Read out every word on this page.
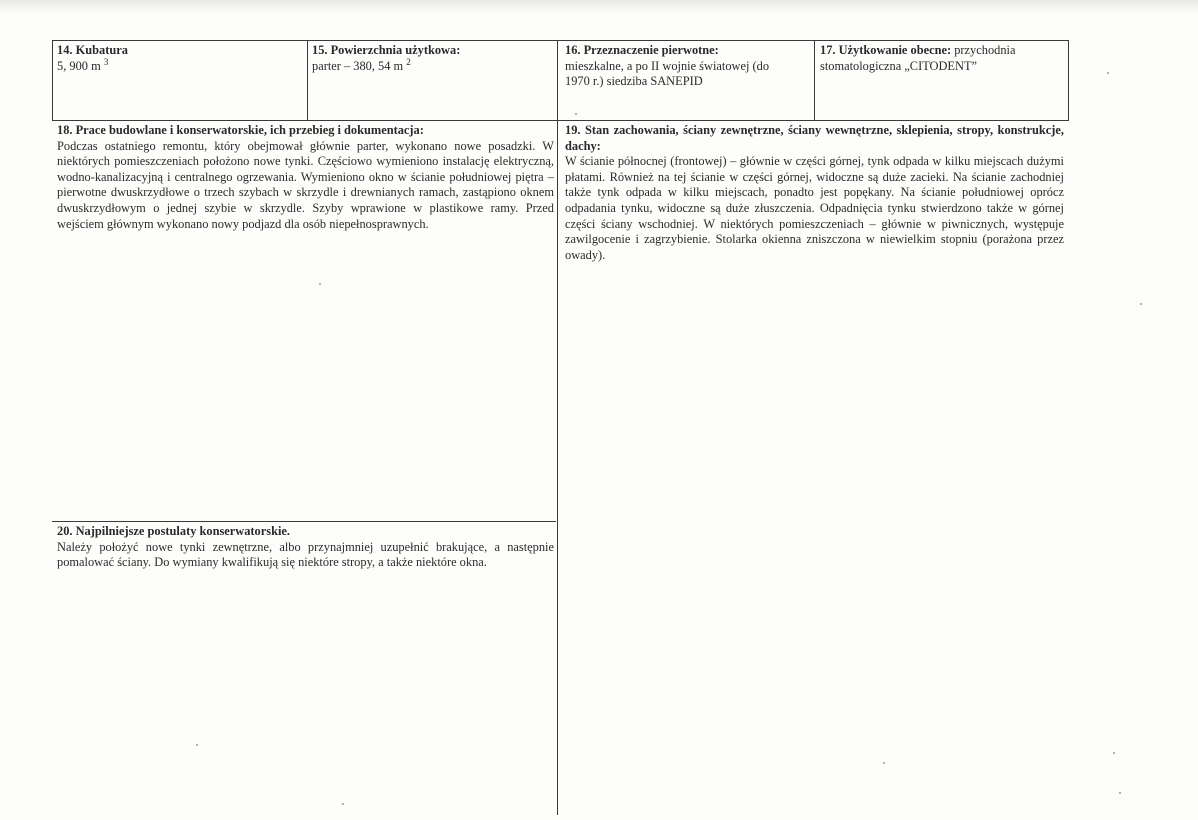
14. Kubatura
5, 900 m $^3$
15. Powierzchnia użytkowa:
parter – 380, 54 m $^2$
16. Przeznaczenie pierwotne:
mieszkalne, a po II wojnie światowej (do
1970 r.) siedziba SANEPID
17. Użytkowanie obecne: przychodnia
stomatologiczna „CITODENT”
18. Prace budowlane i konserwatorskie, ich przebieg i dokumentacja:
Podczas ostatniego remontu, który obejmował głównie parter, wykonano nowe posadzki. W niektórych pomieszczeniach położono nowe tynki. Częściowo wymieniono instalację elektryczną, wodno-kanalizacyjną i centralnego ogrzewania. Wymieniono okno w ścianie południowej piętra – pierwotne dwuskrzydłowe o trzech szybach w skrzydle i drewnianych ramach, zastąpiono oknem dwuskrzydłowym o jednej szybie w skrzydle. Szyby wprawione w plastikowe ramy. Przed wejściem głównym wykonano nowy podjazd dla osób niepełnosprawnych.
19. Stan zachowania, ściany zewnętrzne, ściany wewnętrzne, sklepienia, stropy, konstrukcje, dachy:
W ścianie północnej (frontowej) – głównie w części górnej, tynk odpada w kilku miejscach dużymi płatami. Również na tej ścianie w części górnej, widoczne są duże zacieki. Na ścianie zachodniej także tynk odpada w kilku miejscach, ponadto jest popękany. Na ścianie południowej oprócz odpadania tynku, widoczne są duże złuszczenia. Odpadnięcia tynku stwierdzono także w górnej części ściany wschodniej. W niektórych pomieszczeniach – głównie w piwnicznych, występuje zawilgocenie i zagrzybienie. Stolarka okienna zniszczona w niewielkim stopniu (porażona przez owady).
20. Najpilniejsze postulaty konserwatorskie.
Należy położyć nowe tynki zewnętrzne, albo przynajmniej uzupełnić brakujące, a następnie pomalować ściany. Do wymiany kwalifikują się niektóre stropy, a także niektóre okna.
